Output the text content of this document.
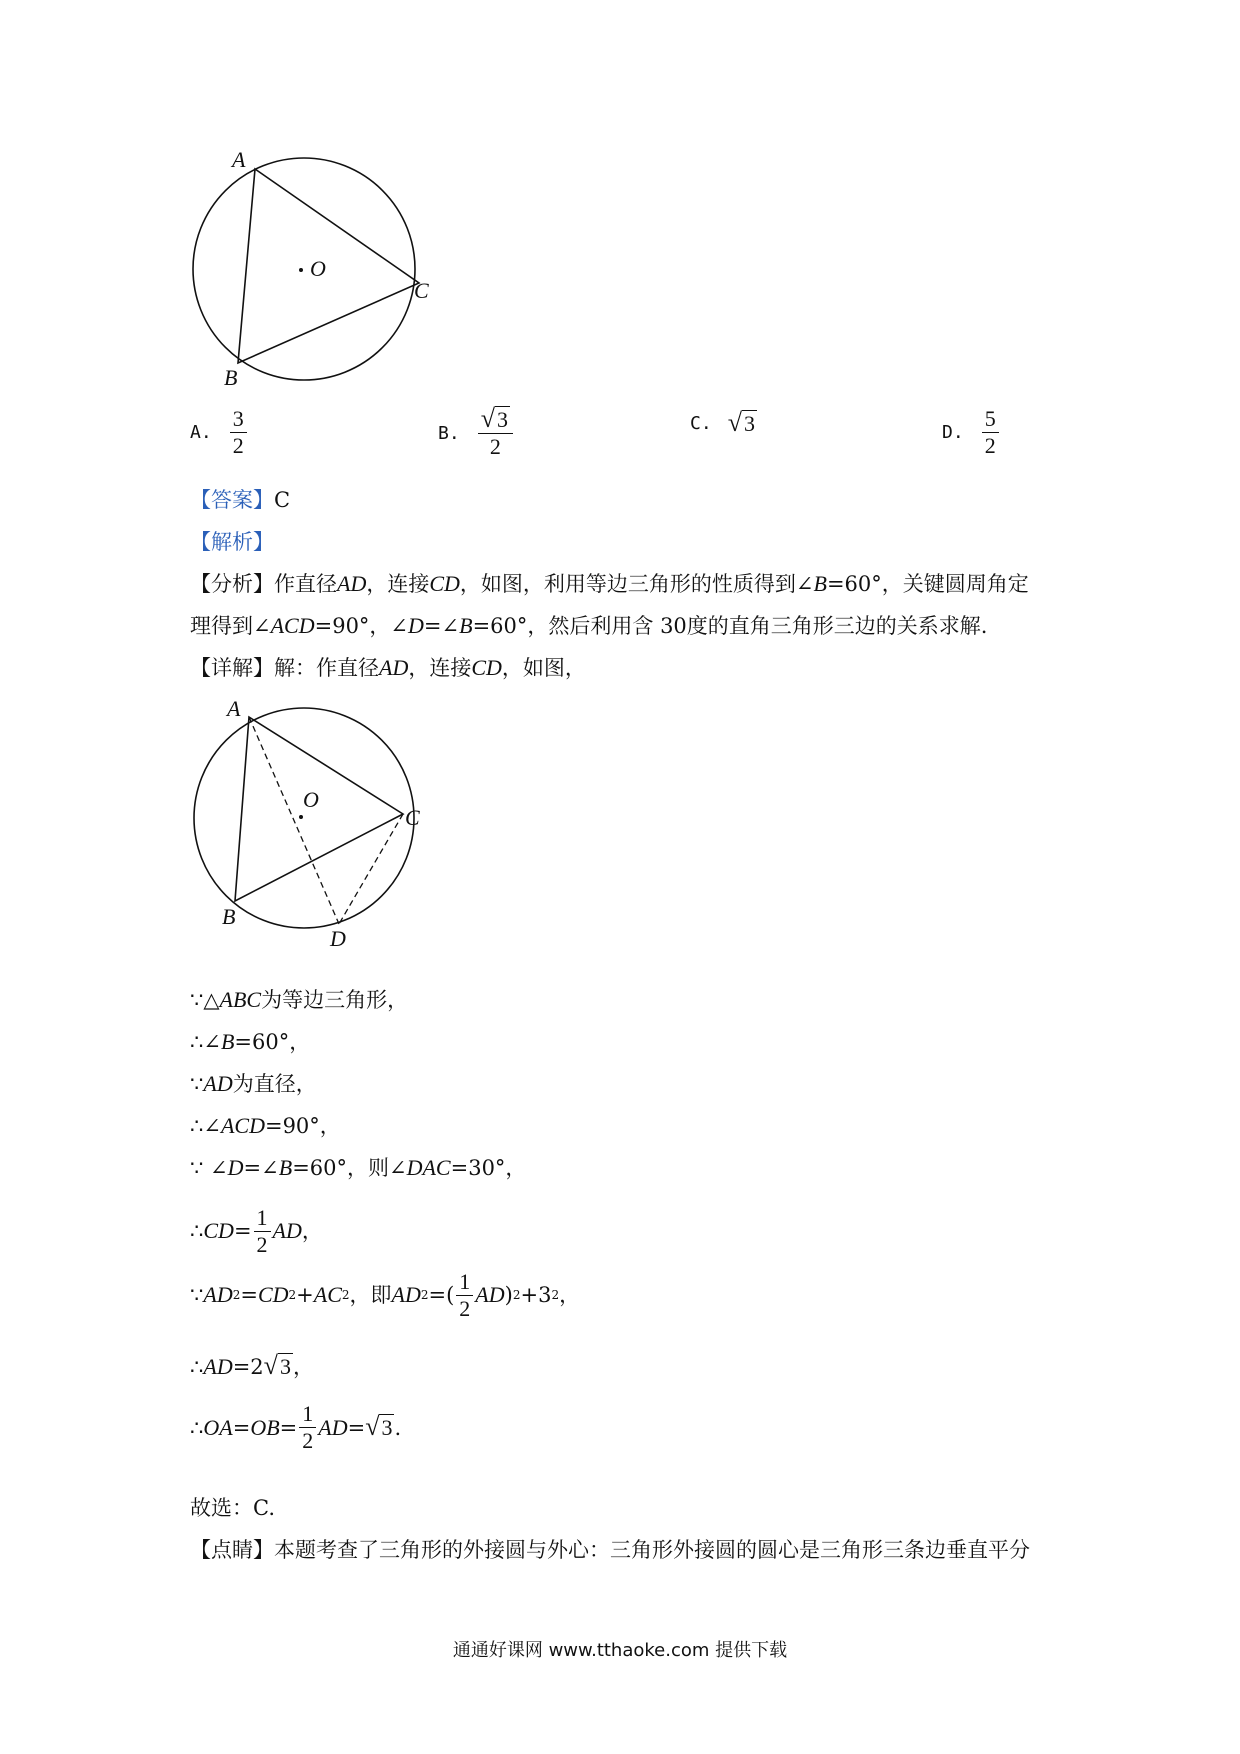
A
B
C
O
A. $\frac{3}{2}$	B. $\frac{√3}{2}$	C. √3	D. $\frac{5}{2}$
【答案】C
【解析】
【分析】作直径AD，连接CD，如图，利用等边三角形的性质得到∠B=60°，关键圆周角定
理得到∠ACD=90°，∠D=∠B=60°，然后利用含 30度的直角三角形三边的关系求解.
【详解】解：作直径AD，连接CD，如图，
A
B
C
O
D
∵△ABC为等边三角形，
∴∠B=60°，
∵AD为直径，
∴∠ACD=90°，
∵ ∠D=∠B=60°，则∠DAC=30°，
∴ CD = $\frac{1}{2}$ AD ，
∵ AD 2 = CD 2 + AC 2 ，即 AD 2 =( $\frac{1}{2}$ AD ) 2 +3 2 ，
∴ AD =2 √3 ，
∴ OA = OB = $\frac{1}{2}$ AD = √3 .
故选：C.
【点睛】本题考查了三角形的外接圆与外心：三角形外接圆的圆心是三角形三条边垂直平分
通通好课网 www.tthaoke.com 提供下载
